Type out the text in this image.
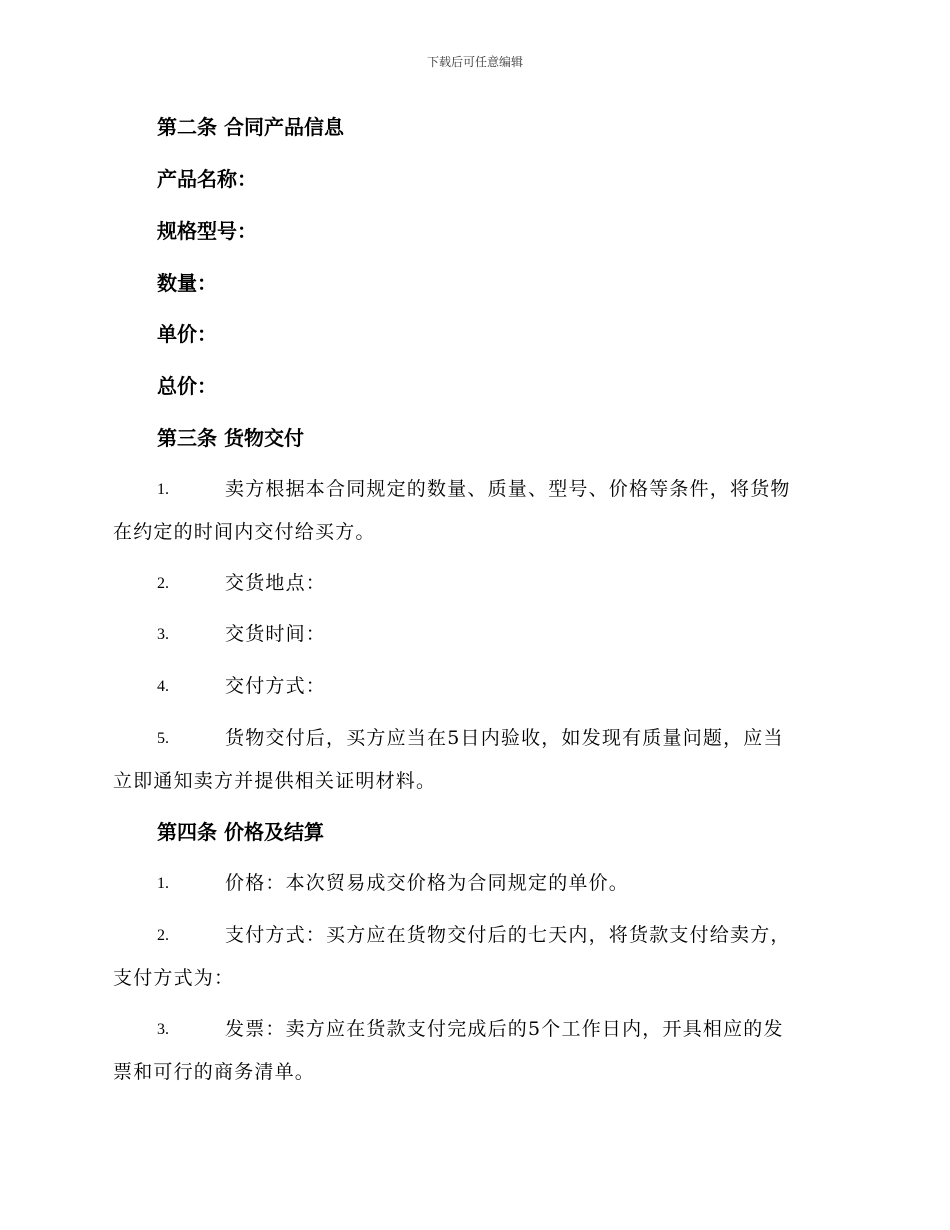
下载后可任意编辑
第二条 合同产品信息
产品名称：
规格型号：
数量：
单价：
总价：
第三条 货物交付
1.	卖方根据本合同规定的数量、质量、型号、价格等条件，将货物
在约定的时间内交付给买方。
2.	交货地点：
3.	交货时间：
4.	交付方式：
5.	货物交付后，买方应当在5日内验收，如发现有质量问题，应当
立即通知卖方并提供相关证明材料。
第四条 价格及结算
1.	价格：本次贸易成交价格为合同规定的单价。
2.	支付方式：买方应在货物交付后的七天内，将货款支付给卖方，
支付方式为：
3.	发票：卖方应在货款支付完成后的5个工作日内，开具相应的发
票和可行的商务清单。
